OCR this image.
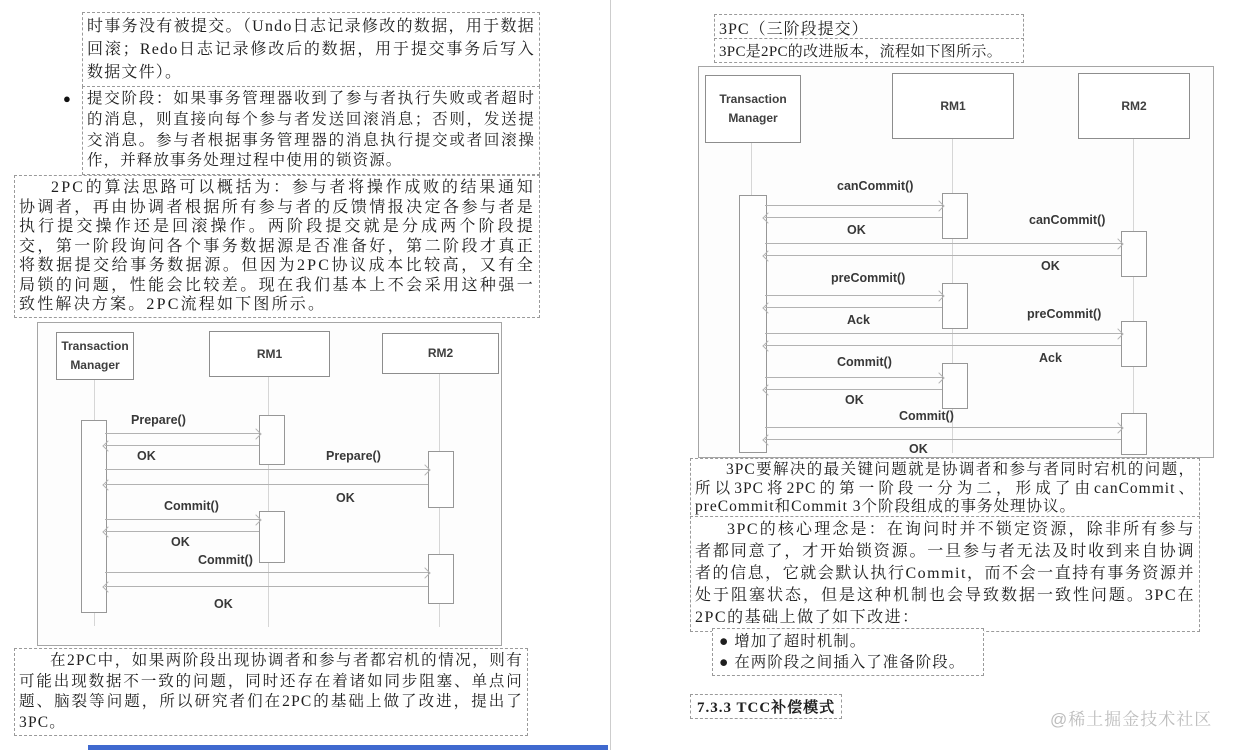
时事务没有被提交。（Undo日志记录修改的数据，用于数据回滚；Redo日志记录修改后的数据，用于提交事务后写入数据文件）。
●	提交阶段：如果事务管理器收到了参与者执行失败或者超时的消息，则直接向每个参与者发送回滚消息；否则，发送提交消息。参与者根据事务管理器的消息执行提交或者回滚操作，并释放事务处理过程中使用的锁资源。
2PC的算法思路可以概括为：参与者将操作成败的结果通知协调者，再由协调者根据所有参与者的反馈情报决定各参与者是执行提交操作还是回滚操作。两阶段提交就是分成两个阶段提交，第一阶段询问各个事务数据源是否准备好，第二阶段才真正将数据提交给事务数据源。但因为2PC协议成本比较高，又有全局锁的问题，性能会比较差。现在我们基本上不会采用这种强一致性解决方案。2PC流程如下图所示。
Transaction Manager
RM1	RM2
Prepare()
OK	Prepare()
OK
Commit()
OK
Commit()
OK
在2PC中，如果两阶段出现协调者和参与者都宕机的情况，则有可能出现数据不一致的问题，同时还存在着诸如同步阻塞、单点问题、脑裂等问题，所以研究者们在2PC的基础上做了改进，提出了3PC。
3PC（三阶段提交）
3PC是2PC的改进版本，流程如下图所示。
Transaction Manager
RM1	RM2
canCommit()
OK
canCommit()
OK
preCommit()
Ack	preCommit()
Ack
Commit()
OK
Commit()
OK
3PC要解决的最关键问题就是协调者和参与者同时宕机的问题，所以3PC将2PC的第一阶段一分为二，形成了由canCommit、preCommit和Commit 3个阶段组成的事务处理协议。
3PC的核心理念是：在询问时并不锁定资源，除非所有参与者都同意了，才开始锁资源。一旦参与者无法及时收到来自协调者的信息，它就会默认执行Commit，而不会一直持有事务资源并处于阻塞状态，但是这种机制也会导致数据一致性问题。3PC在2PC的基础上做了如下改进：
● 增加了超时机制。
● 在两阶段之间插入了准备阶段。
7.3.3 TCC补偿模式
@稀土掘金技术社区
